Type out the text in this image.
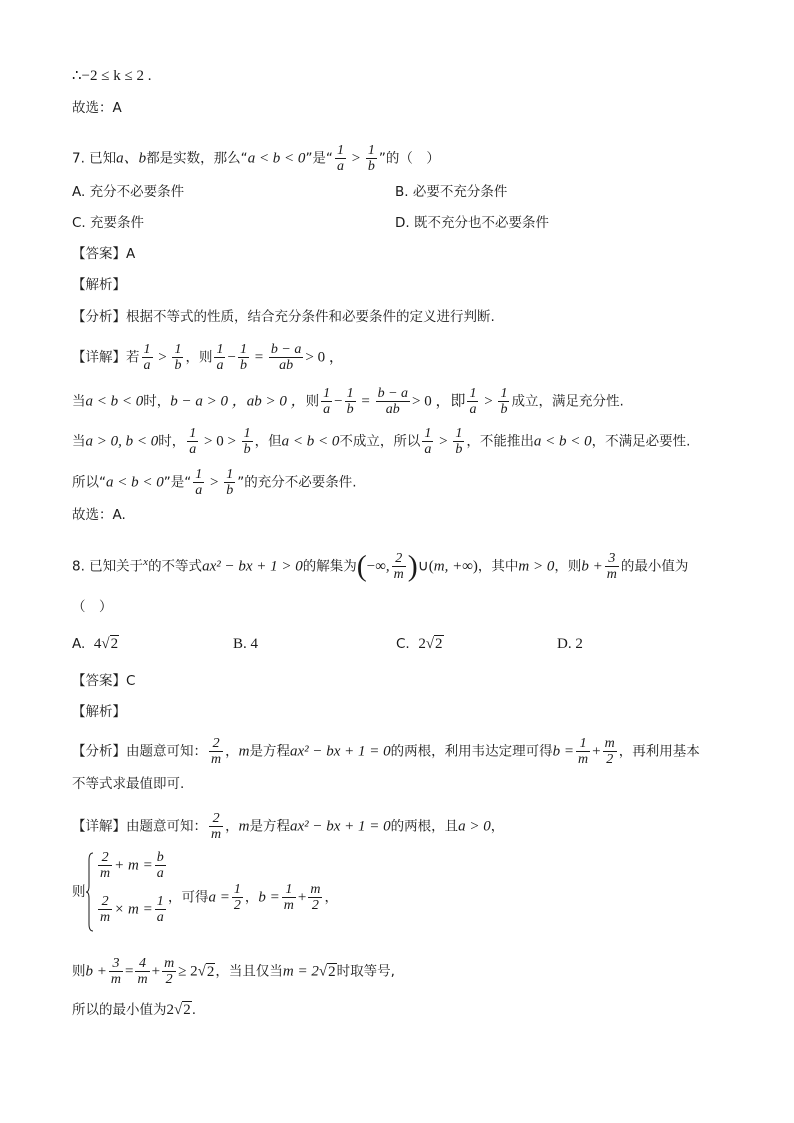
∴−2 ≤ k ≤ 2 .
故选：A
7. 已知a、b都是实数，那么“a < b < 0”是“ $\frac{1}{a} > \frac{1}{b}$ ”的（　）
A. 充分不必要条件	B. 必要不充分条件
C. 充要条件	D. 既不充分也不必要条件
【答案】A
【解析】
【分析】根据不等式的性质，结合充分条件和必要条件的定义进行判断.
【详解】若 $\frac{1}{a} > \frac{1}{b}$ ，则 $\frac{1}{a} - \frac{1}{b} = \frac{b - a}{ab} > 0$ ，
当a < b < 0时，b − a > 0 ，ab > 0 ，则 $\frac{1}{a} - \frac{1}{b} = \frac{b - a}{ab} > 0$ ，即 $\frac{1}{a} > \frac{1}{b}$ 成立，满足充分性.
当a > 0, b < 0时， $\frac{1}{a} > 0 > \frac{1}{b}$ ，但a < b < 0不成立，所以 $\frac{1}{a} > \frac{1}{b}$ ，不能推出a < b < 0，不满足必要性.
所以“a < b < 0”是“ $\frac{1}{a} > \frac{1}{b}$ ”的充分不必要条件.
故选：A.
8. 已知关于$^x$的不等式ax² − bx + 1 > 0的解集为(−∞, $\frac{2}{m}$ )∪(m, +∞)，其中m > 0，则$b + \frac{3}{m}$ 的最小值为
（　）
A. 4√2	B. 4	C. 2√2	D. 2
【答案】C
【解析】
【分析】由题意可知： $\frac{2}{m}$ ，m是方程ax² − bx + 1 = 0的两根，利用韦达定理可得$b = \frac{1}{m} + \frac{m}{2}$ ，再利用基本
不等式求最值即可.
【详解】由题意可知： $\frac{2}{m}$ ，m是方程ax² − bx + 1 = 0的两根，且a > 0，
则
$\frac{2}{m} + m = \frac{b}{a}$
$\frac{2}{m} \times m = \frac{1}{a}$ ，可得$a = \frac{1}{2}$ ，$b = \frac{1}{m} + \frac{m}{2}$ ，
则$b + \frac{3}{m} = \frac{4}{m} + \frac{m}{2} \ge 2√2$，当且仅当m = 2√2时取等号,
所以的最小值为2√2.
